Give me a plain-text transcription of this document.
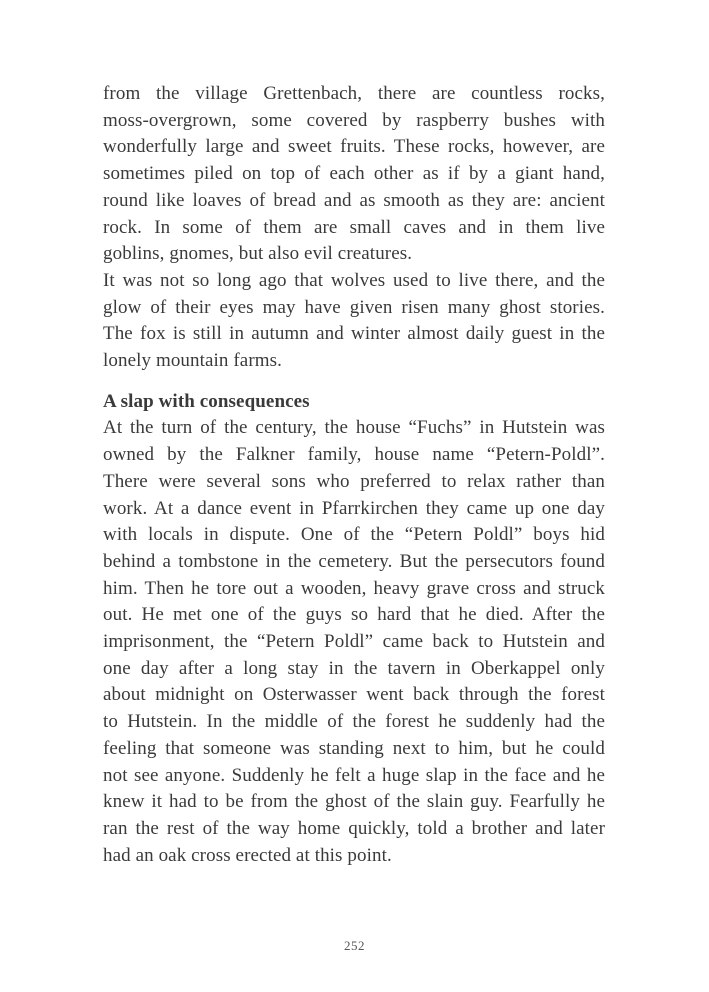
from the village Grettenbach, there are countless rocks,
moss-overgrown, some covered by raspberry bushes with
wonderfully large and sweet fruits. These rocks, however, are
sometimes piled on top of each other as if by a giant hand,
round like loaves of bread and as smooth as they are: ancient
rock. In some of them are small caves and in them live
goblins, gnomes, but also evil creatures.
It was not so long ago that wolves used to live there, and the
glow of their eyes may have given risen many ghost stories.
The fox is still in autumn and winter almost daily guest in the
lonely mountain farms.
A slap with consequences
At the turn of the century, the house “Fuchs” in Hutstein was
owned by the Falkner family, house name “Petern-Poldl”.
There were several sons who preferred to relax rather than
work. At a dance event in Pfarrkirchen they came up one day
with locals in dispute. One of the “Petern Poldl” boys hid
behind a tombstone in the cemetery. But the persecutors found
him. Then he tore out a wooden, heavy grave cross and struck
out. He met one of the guys so hard that he died. After the
imprisonment, the “Petern Poldl” came back to Hutstein and
one day after a long stay in the tavern in Oberkappel only
about midnight on Osterwasser went back through the forest
to Hutstein. In the middle of the forest he suddenly had the
feeling that someone was standing next to him, but he could
not see anyone. Suddenly he felt a huge slap in the face and he
knew it had to be from the ghost of the slain guy. Fearfully he
ran the rest of the way home quickly, told a brother and later
had an oak cross erected at this point.
252
